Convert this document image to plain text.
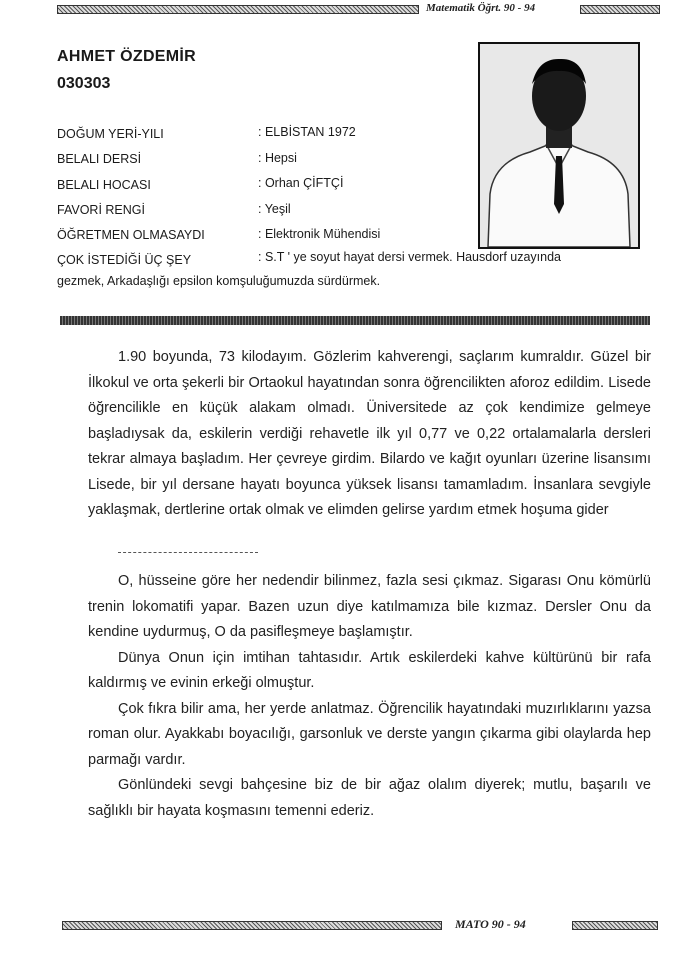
Matematik Öğrt. 90 - 94
AHMET ÖZDEMİR
030303
DOĞUM YERİ-YILI	: ELBİSTAN 1972
BELALI DERSİ	: Hepsi
BELALI HOCASI	: Orhan ÇİFTÇİ
FAVORİ RENGİ	: Yeşil
ÖĞRETMEN OLMASAYDI	: Elektronik Mühendisi
ÇOK İSTEDİĞİ ÜÇ ŞEY	: S.T ' ye soyut hayat dersi vermek. Hausdorf uzayında
gezmek, Arkadaşlığı epsilon komşuluğumuzda sürdürmek.

1.90 boyunda, 73 kilodayım. Gözlerim kahverengi, saçlarım kumraldır. Güzel bir İlkokul ve orta şekerli bir Ortaokul hayatından sonra öğrencilikten aforoz edildim. Lisede öğrencilikle en küçük alakam olmadı. Üniversitede az çok kendimize gelmeye başladıysak da, eskilerin verdiği rehavetle ilk yıl 0,77 ve 0,22 ortalamalarla dersleri tekrar almaya başladım. Her çevreye girdim. Bilardo ve kağıt oyunları üzerine lisansımı Lisede, bir yıl dersane hayatı boyunca yüksek lisansı tamamladım. İnsanlara sevgiyle yaklaşmak, dertlerine ortak olmak ve elimden gelirse yardım etmek hoşuma gider

O, hüsseine göre her nedendir bilinmez, fazla sesi çıkmaz. Sigarası Onu kömürlü trenin lokomatifi yapar. Bazen uzun diye katılmamıza bile kızmaz. Dersler Onu da kendine uydurmuş, O da pasifleşmeye başlamıştır.

Dünya Onun için imtihan tahtasıdır. Artık eskilerdeki kahve kültürünü bir rafa kaldırmış ve evinin erkeği olmuştur.

Çok fıkra bilir ama, her yerde anlatmaz. Öğrencilik hayatındaki muzırlıklarını yazsa roman olur. Ayakkabı boyacılığı, garsonluk ve derste yangın çıkarma gibi olaylarda hep parmağı vardır.

Gönlündeki sevgi bahçesine biz de bir ağaz olalım diyerek; mutlu, başarılı ve sağlıklı bir hayata koşmasını temenni ederiz.

MATO 90 - 94
